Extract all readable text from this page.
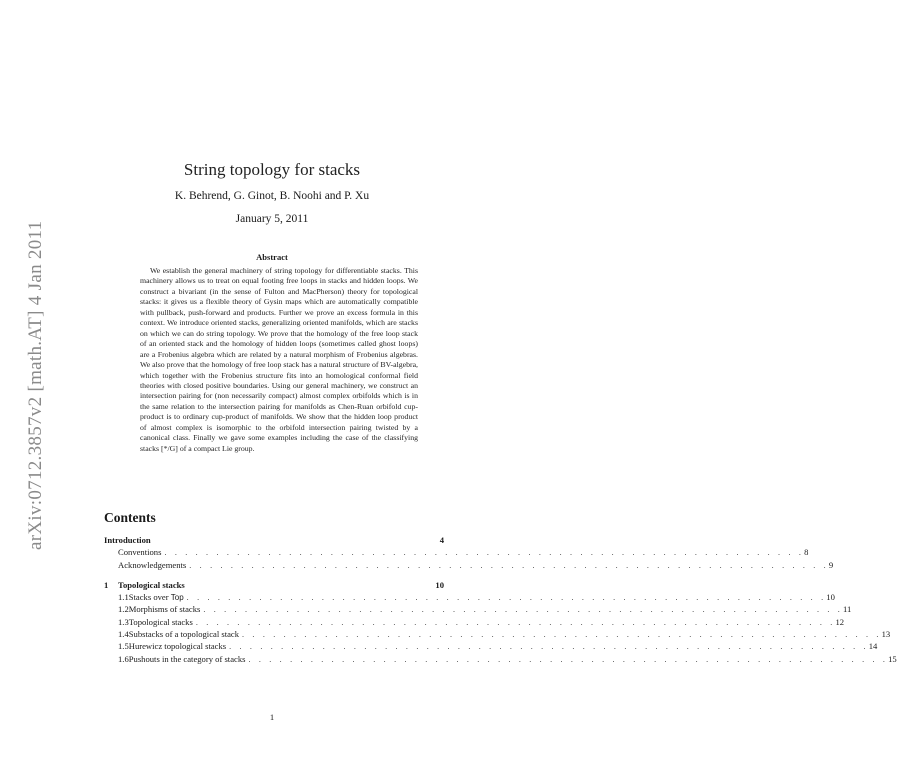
arXiv:0712.3857v2 [math.AT] 4 Jan 2011
String topology for stacks
K. Behrend, G. Ginot, B. Noohi and P. Xu
January 5, 2011
Abstract
We establish the general machinery of string topology for differentiable stacks. This machinery allows us to treat on equal footing free loops in stacks and hidden loops. We construct a bivariant (in the sense of Fulton and MacPherson) theory for topological stacks: it gives us a flexible theory of Gysin maps which are automatically compatible with pullback, push-forward and products. Further we prove an excess formula in this context. We introduce oriented stacks, generalizing oriented manifolds, which are stacks on which we can do string topology. We prove that the homology of the free loop stack of an oriented stack and the homology of hidden loops (sometimes called ghost loops) are a Frobenius algebra which are related by a natural morphism of Frobenius algebras. We also prove that the homology of free loop stack has a natural structure of BV-algebra, which together with the Frobenius structure fits into an homological conformal field theories with closed positive boundaries. Using our general machinery, we construct an intersection pairing for (non necessarily compact) almost complex orbifolds which is in the same relation to the intersection pairing for manifolds as Chen-Ruan orbifold cup-product is to ordinary cup-product of manifolds. We show that the hidden loop product of almost complex is isomorphic to the orbifold intersection pairing twisted by a canonical class. Finally we gave some examples including the case of the classifying stacks [*/G] of a compact Lie group.
Contents
Introduction	4
Conventions . . . . . . . . . . . . . . . . . . . . . . . . . . . . . . . . . . . . . . . . . . . . . . . . . . . . . . . . . . . . . . 8
Acknowledgements . . . . . . . . . . . . . . . . . . . . . . . . . . . . . . . . . . . . . . . . . . . . . . . . . . . . . . . . . . . . . . 9
1	Topological stacks	10
1.1 Stacks over Top . . . . . . . . . . . . . . . . . . . . . . . . . . . . . . . . . . . . . . . . . . . . . . . . . . . . . . . . . . . . . . 10
1.2 Morphisms of stacks . . . . . . . . . . . . . . . . . . . . . . . . . . . . . . . . . . . . . . . . . . . . . . . . . . . . . . . . . . . . . . 11
1.3 Topological stacks . . . . . . . . . . . . . . . . . . . . . . . . . . . . . . . . . . . . . . . . . . . . . . . . . . . . . . . . . . . . . . 12
1.4 Substacks of a topological stack . . . . . . . . . . . . . . . . . . . . . . . . . . . . . . . . . . . . . . . . . . . . . . . . . . . . . . . . . . . . . . 13
1.5 Hurewicz topological stacks . . . . . . . . . . . . . . . . . . . . . . . . . . . . . . . . . . . . . . . . . . . . . . . . . . . . . . . . . . . . . . 14
1.6 Pushouts in the category of stacks . . . . . . . . . . . . . . . . . . . . . . . . . . . . . . . . . . . . . . . . . . . . . . . . . . . . . . . . . . . . . . 15
1
